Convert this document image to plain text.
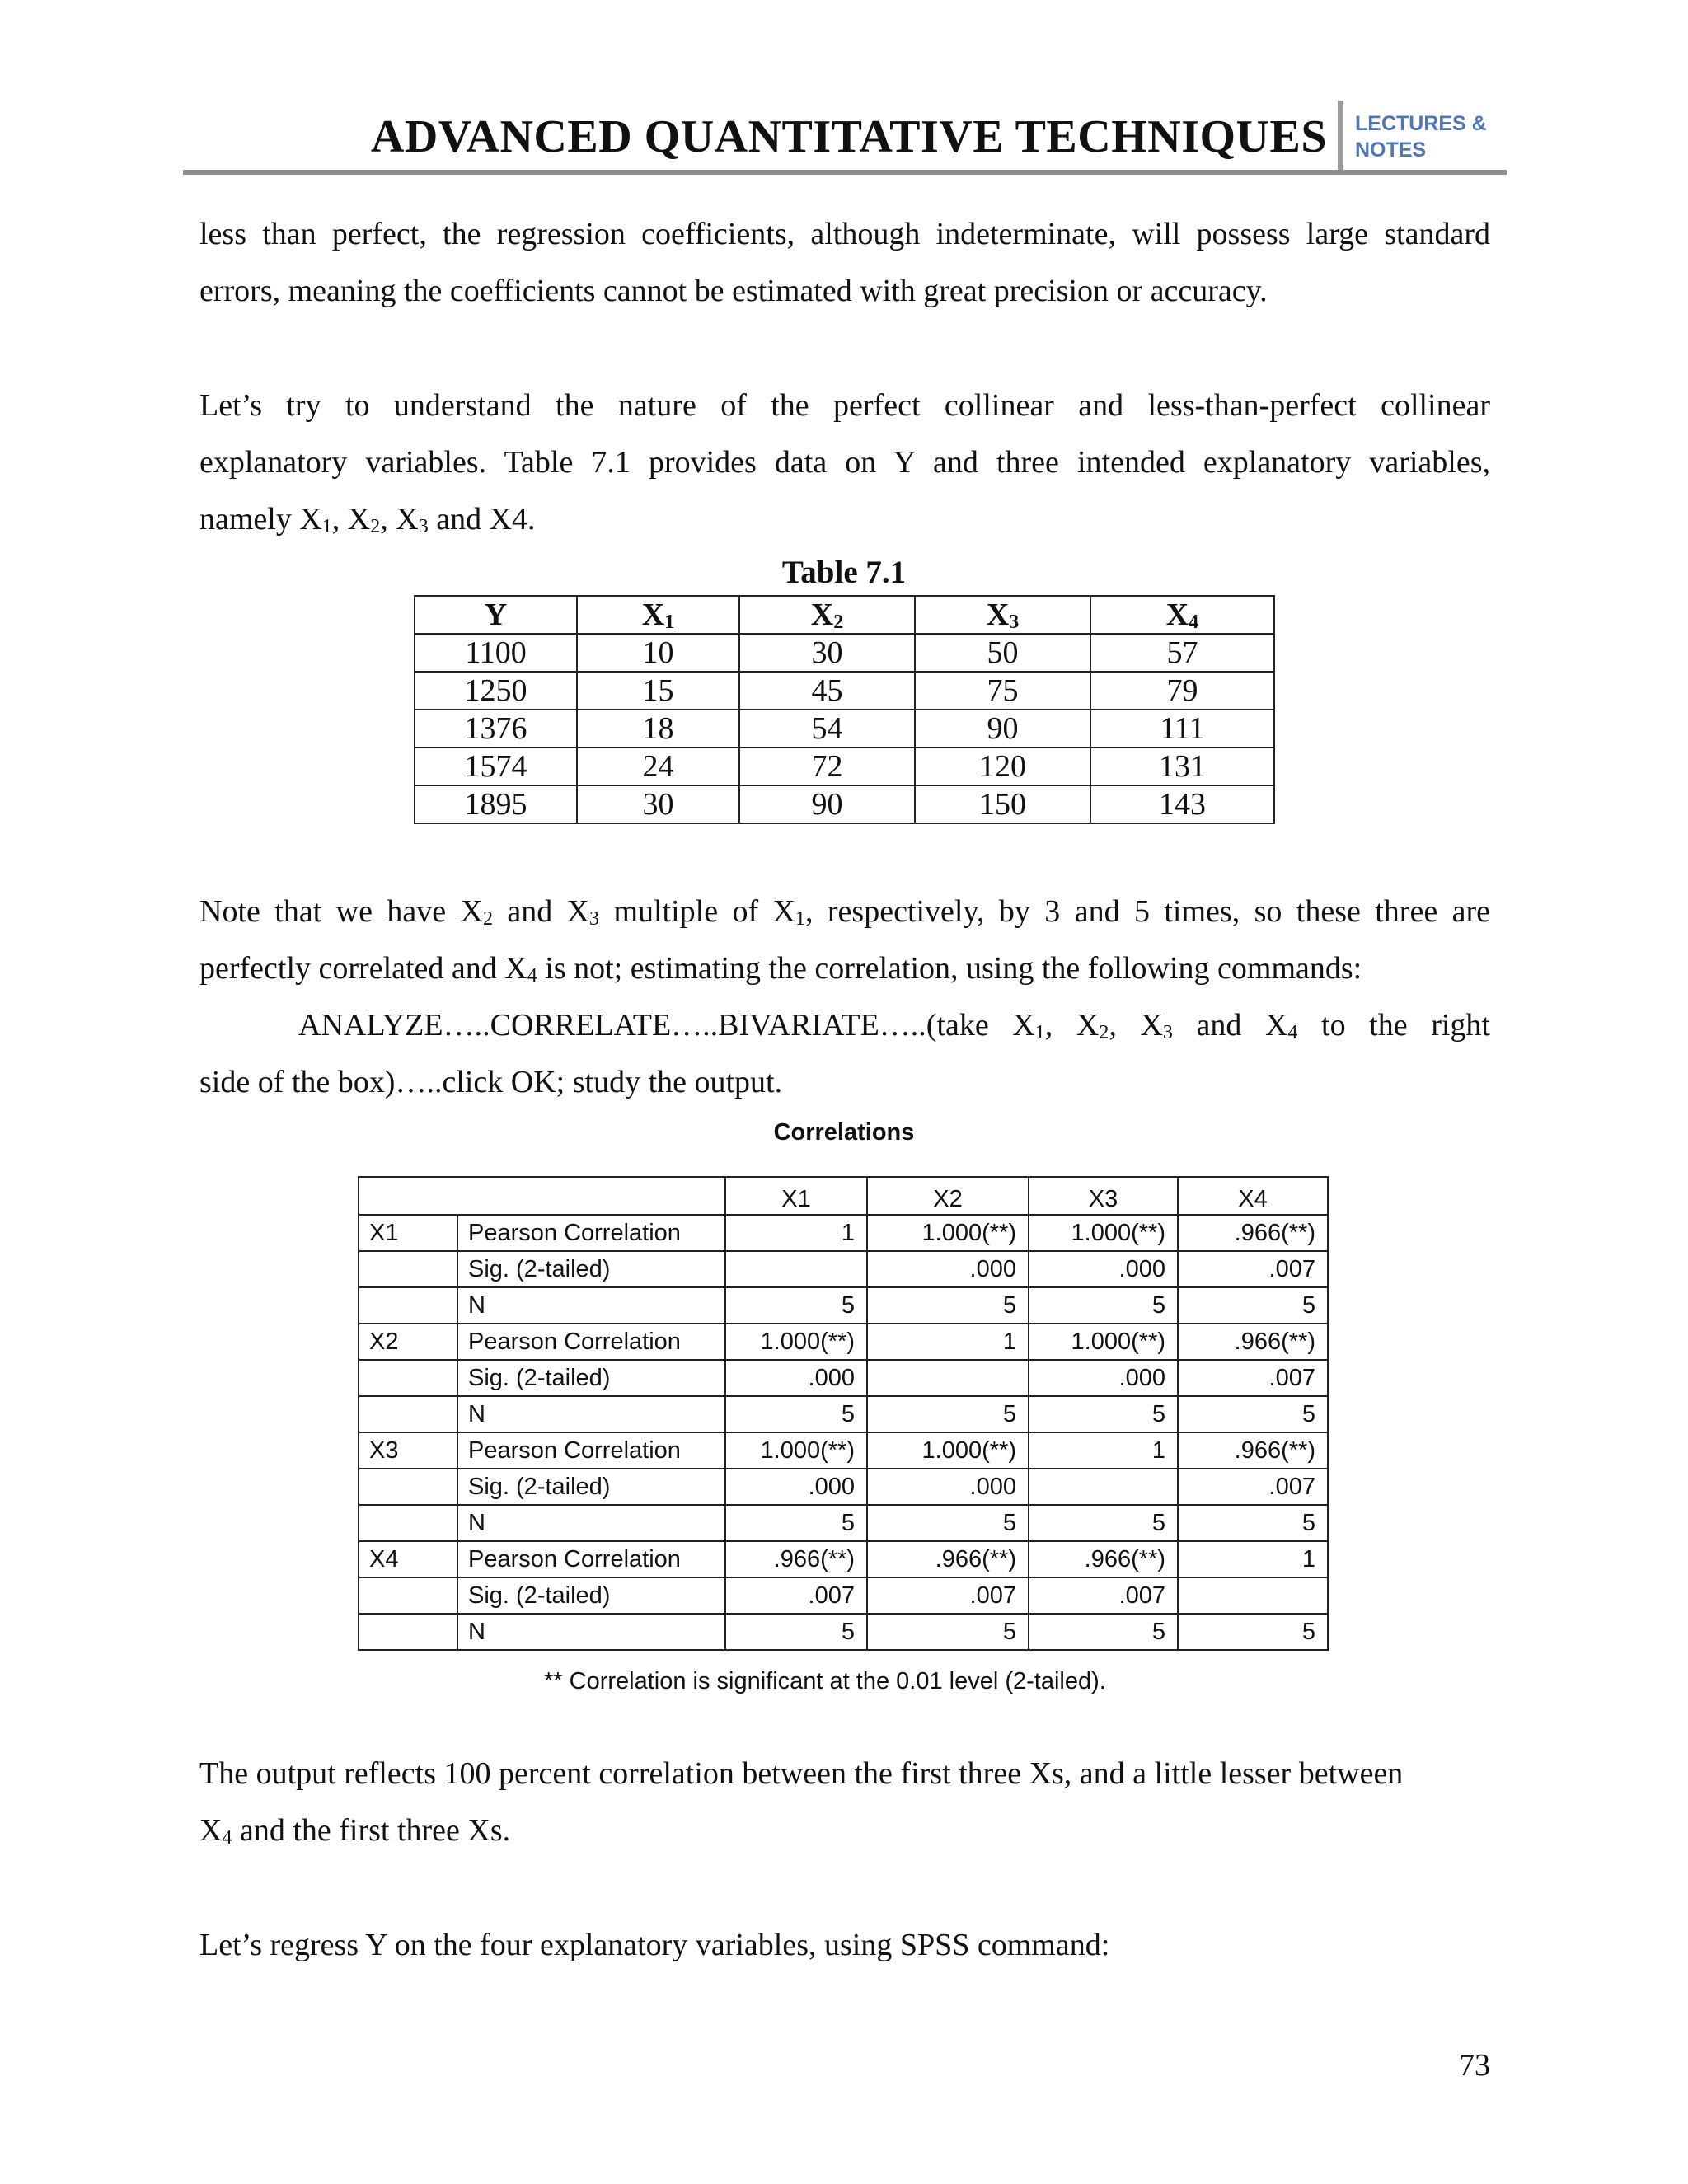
ADVANCED QUANTITATIVE TECHNIQUES LECTURES &
NOTES
less than perfect, the regression coefficients, although indeterminate, will possess large standard
errors, meaning the coefficients cannot be estimated with great precision or accuracy.
Let’s try to understand the nature of the perfect collinear and less-than-perfect collinear
explanatory variables. Table 7.1 provides data on Y and three intended explanatory variables,
namely $X_1$, $X_2$, $X_3$ and X4.
Table 7.1
Y	$X_1$	$X_2$	$X_3$	$X_4$
1100	10	30	50	57
1250	15	45	75	79
1376	18	54	90	111
1574	24	72	120	131
1895	30	90	150	143
Note that we have $X_2$ and $X_3$ multiple of $X_1$, respectively, by 3 and 5 times, so these three are
perfectly correlated and $X_4$ is not; estimating the correlation, using the following commands:
ANALYZE…..CORRELATE…..BIVARIATE…..(take $X_1$, $X_2$, $X_3$ and $X_4$ to the right
side of the box)…..click OK; study the output.
Correlations
		X1	X2	X3	X4
X1	Pearson Correlation	1	1.000(**)	1.000(**)	.966(**)
	Sig. (2-tailed)		.000	.000	.007
	N	5	5	5	5
X2	Pearson Correlation	1.000(**)	1	1.000(**)	.966(**)
	Sig. (2-tailed)	.000		.000	.007
	N	5	5	5	5
X3	Pearson Correlation	1.000(**)	1.000(**)	1	.966(**)
	Sig. (2-tailed)	.000	.000		.007
	N	5	5	5	5
X4	Pearson Correlation	.966(**)	.966(**)	.966(**)	1
	Sig. (2-tailed)	.007	.007	.007	
	N	5	5	5	5
** Correlation is significant at the 0.01 level (2-tailed).
The output reflects 100 percent correlation between the first three Xs, and a little lesser between
$X_4$ and the first three Xs.
Let’s regress Y on the four explanatory variables, using SPSS command:
73
